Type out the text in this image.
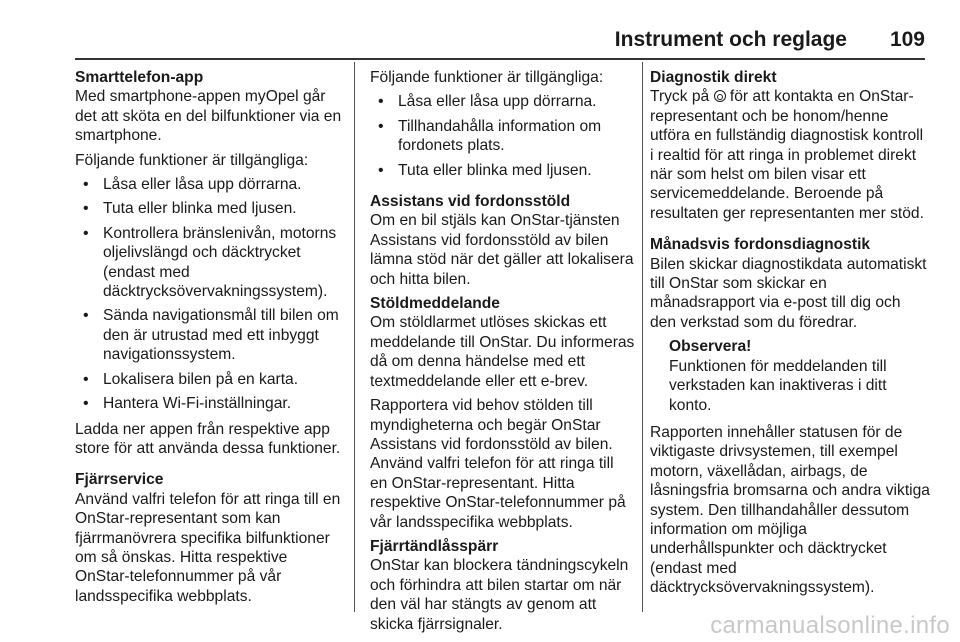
Instrument och reglage 109
Smarttelefon-app

Med smartphone-appen myOpel går det att sköta en del bilfunktioner via en smartphone.

Följande funktioner är tillgängliga:

• Låsa eller låsa upp dörrarna.
• Tuta eller blinka med ljusen.
• Kontrollera bränslenivån, motorns oljelivslängd och däcktrycket (endast med däcktrycksövervakningssystem).
• Sända navigationsmål till bilen om den är utrustad med ett inbyggt navigationssystem.
• Lokalisera bilen på en karta.
• Hantera Wi-Fi-inställningar.

Ladda ner appen från respektive app store för att använda dessa funktioner.

Fjärrservice

Använd valfri telefon för att ringa till en OnStar-representant som kan fjärrmanövrera specifika bilfunktioner om så önskas. Hitta respektive OnStar-telefonnummer på vår landsspecifika webbplats.

Följande funktioner är tillgängliga:

• Låsa eller låsa upp dörrarna.
• Tillhandahålla information om fordonets plats.
• Tuta eller blinka med ljusen.
Assistans vid fordonsstöld

Om en bil stjäls kan OnStar-tjänsten Assistans vid fordonsstöld av bilen lämna stöd när det gäller att lokalisera och hitta bilen.

Stöldmeddelande

Om stöldlarmet utlöses skickas ett meddelande till OnStar. Du informeras då om denna händelse med ett textmeddelande eller ett e-brev.

Rapportera vid behov stölden till myndigheterna och begär OnStar Assistans vid fordonsstöld av bilen. Använd valfri telefon för att ringa till en OnStar-representant. Hitta respektive OnStar-telefonnummer på vår landsspecifika webbplats.

Fjärrtändlåsspärr

OnStar kan blockera tändningscykeln och förhindra att bilen startar om när den väl har stängts av genom att skicka fjärrsignaler.

Diagnostik direkt

Tryck på för att kontakta en OnStar-representant och be honom/henne utföra en fullständig diagnostisk kontroll i realtid för att ringa in problemet direkt när som helst om bilen visar ett servicemeddelande. Beroende på resultaten ger representanten mer stöd.

Månadsvis fordonsdiagnostik

Bilen skickar diagnostikdata automatiskt till OnStar som skickar en månadsrapport via e-post till dig och den verkstad som du föredrar.

Observera!
Funktionen för meddelanden till verkstaden kan inaktiveras i ditt konto.

Rapporten innehåller statusen för de viktigaste drivsystemen, till exempel motorn, växellådan, airbags, de låsningsfria bromsarna och andra viktiga system. Den tillhandahåller dessutom information om möjliga underhållspunkter och däcktrycket (endast med däcktrycksövervakningssystem).

carmanualsonline.info
